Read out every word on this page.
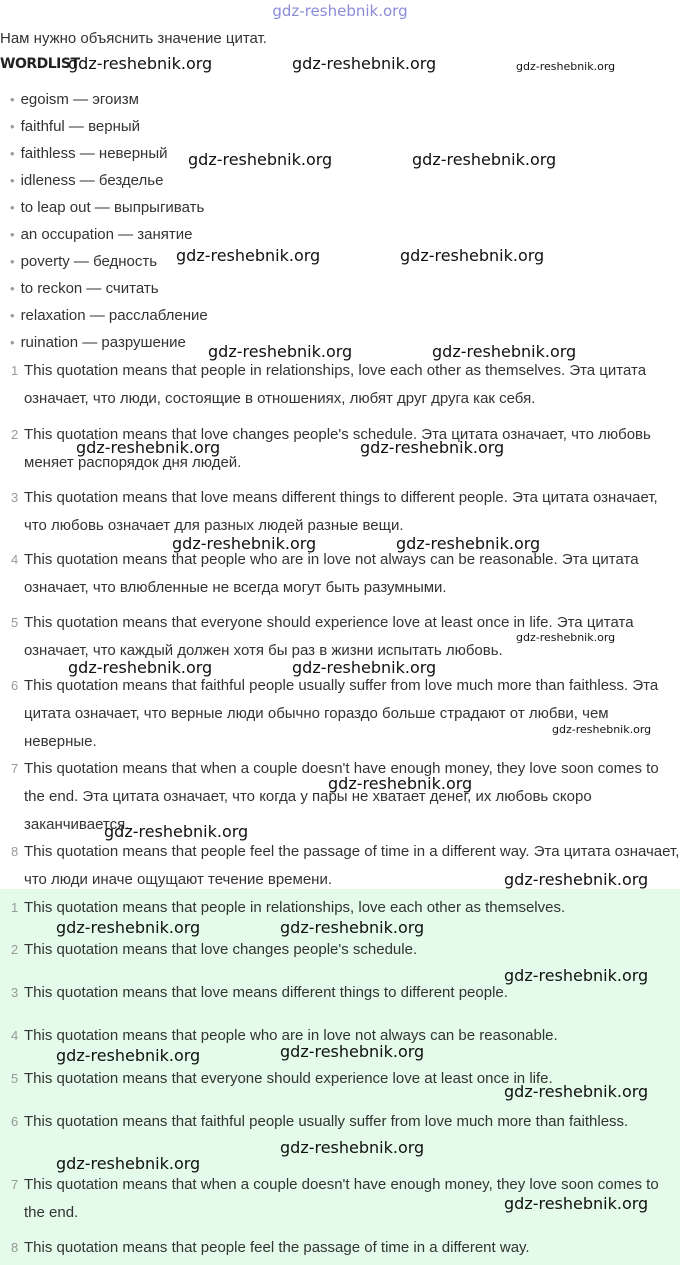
gdz-reshebnik.org
Нам нужно объяснить значение цитат.
WORDLIST
• egoism — эгоизм
• faithful — верный
• faithless — неверный
• idleness — безделье
• to leap out — выпрыгивать
• an occupation — занятие
• poverty — бедность
• to reckon — считать
• relaxation — расслабление
• ruination — разрушение
1 This quotation means that people in relationships, love each other as themselves. Эта цитата означает, что люди, состоящие в отношениях, любят друг друга как себя.
2 This quotation means that love changes people's schedule. Эта цитата означает, что любовь меняет распорядок дня людей.
3 This quotation means that love means different things to different people. Эта цитата означает, что любовь означает для разных людей разные вещи.
4 This quotation means that people who are in love not always can be reasonable. Эта цитата означает, что влюбленные не всегда могут быть разумными.
5 This quotation means that everyone should experience love at least once in life. Эта цитата означает, что каждый должен хотя бы раз в жизни испытать любовь.
6 This quotation means that faithful people usually suffer from love much more than faithless. Эта цитата означает, что верные люди обычно гораздо больше страдают от любви, чем неверные.
7 This quotation means that when a couple doesn't have enough money, they love soon comes to the end. Эта цитата означает, что когда у пары не хватает денег, их любовь скоро заканчивается.
8 This quotation means that people feel the passage of time in a different way. Эта цитата означает, что люди иначе ощущают течение времени.
1 This quotation means that people in relationships, love each other as themselves.
2 This quotation means that love changes people's schedule.
3 This quotation means that love means different things to different people.
4 This quotation means that people who are in love not always can be reasonable.
5 This quotation means that everyone should experience love at least once in life.
6 This quotation means that faithful people usually suffer from love much more than faithless.
7 This quotation means that when a couple doesn't have enough money, they love soon comes to the end.
8 This quotation means that people feel the passage of time in a different way.
gdz-reshebnik.org	gdz-reshebnik.org	gdz-reshebnik.org
gdz-reshebnik.org	gdz-reshebnik.org
gdz-reshebnik.org	gdz-reshebnik.org
gdz-reshebnik.org	gdz-reshebnik.org
gdz-reshebnik.org	gdz-reshebnik.org
gdz-reshebnik.org	gdz-reshebnik.org
gdz-reshebnik.org
gdz-reshebnik.org	gdz-reshebnik.org
gdz-reshebnik.org
gdz-reshebnik.org
gdz-reshebnik.org
gdz-reshebnik.org
gdz-reshebnik.org	gdz-reshebnik.org
gdz-reshebnik.org
gdz-reshebnik.org	gdz-reshebnik.org
gdz-reshebnik.org
gdz-reshebnik.org
gdz-reshebnik.org
gdz-reshebnik.org
